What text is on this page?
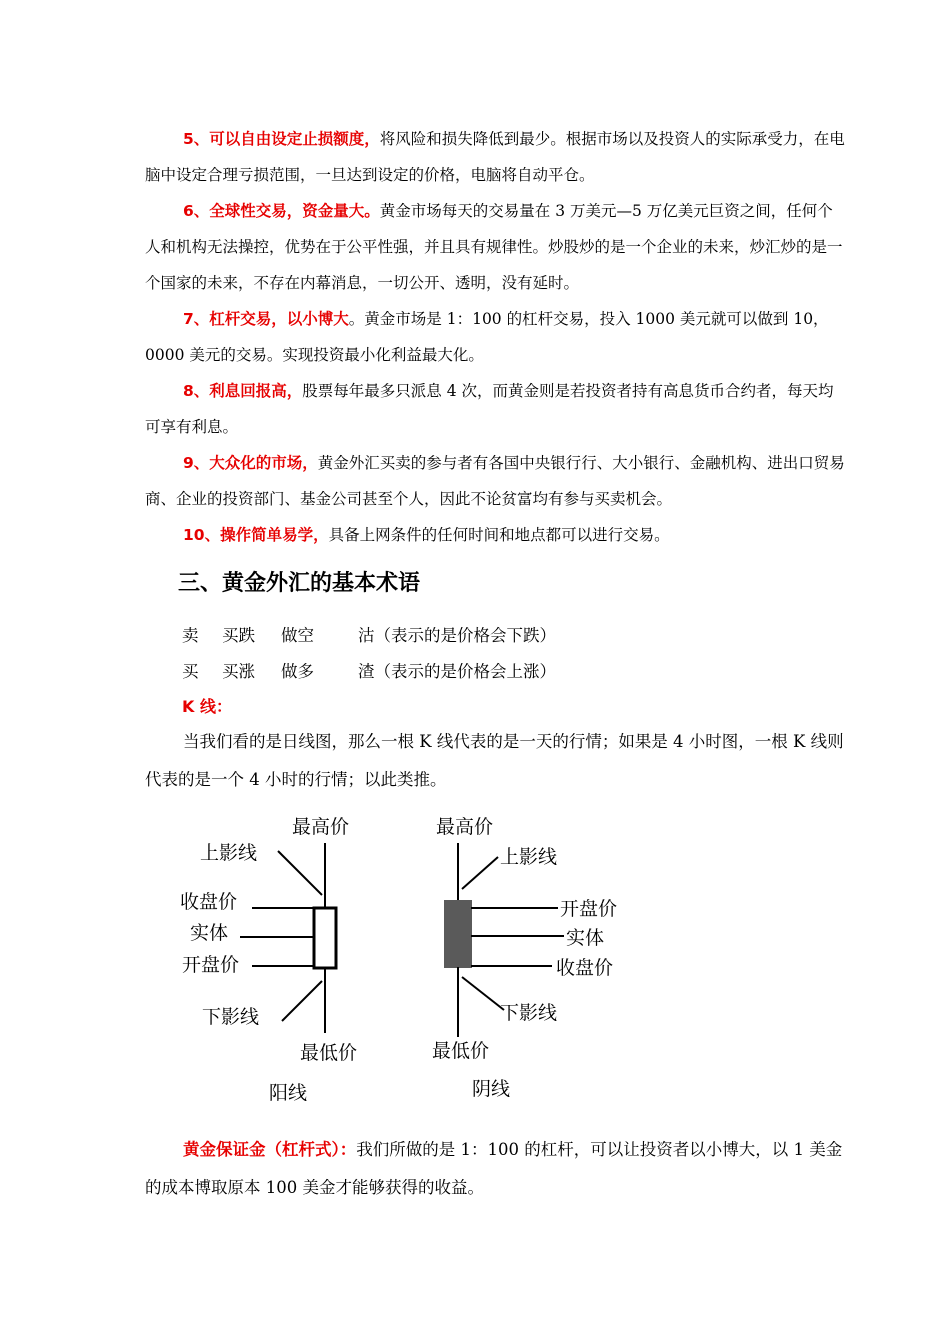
5、可以自由设定止损额度，将风险和损失降低到最少。根据市场以及投资人的实际承受力，在电脑中设定合理亏损范围，一旦达到设定的价格，电脑将自动平仓。
6、全球性交易，资金量大。黄金市场每天的交易量在 3 万美元—5 万亿美元巨资之间，任何个人和机构无法操控，优势在于公平性强，并且具有规律性。炒股炒的是一个企业的未来，炒汇炒的是一个国家的未来，不存在内幕消息，一切公开、透明，没有延时。
7、杠杆交易，以小博大。黄金市场是 1：100 的杠杆交易，投入 1000 美元就可以做到 10，0000 美元的交易。实现投资最小化利益最大化。
8、利息回报高，股票每年最多只派息 4 次，而黄金则是若投资者持有高息货币合约者，每天均可享有利息。
9、大众化的市场，黄金外汇买卖的参与者有各国中央银行行、大小银行、金融机构、进出口贸易商、企业的投资部门、基金公司甚至个人，因此不论贫富均有参与买卖机会。
10、操作简单易学，具备上网条件的任何时间和地点都可以进行交易。
三、黄金外汇的基本术语
卖 买跌 做空	沽（表示的是价格会下跌）
买 买涨 做多	渣（表示的是价格会上涨）
K 线：
当我们看的是日线图，那么一根 K 线代表的是一天的行情；如果是 4 小时图，一根 K 线则代表的是一个 4 小时的行情；以此类推。
最高价
上影线
收盘价
实体
开盘价
下影线
最低价
阳线
最高价
上影线
开盘价
实体
收盘价
下影线
最低价
阴线
黄金保证金（杠杆式）：我们所做的是 1：100 的杠杆，可以让投资者以小博大，以 1 美金的成本博取原本 100 美金才能够获得的收益。
